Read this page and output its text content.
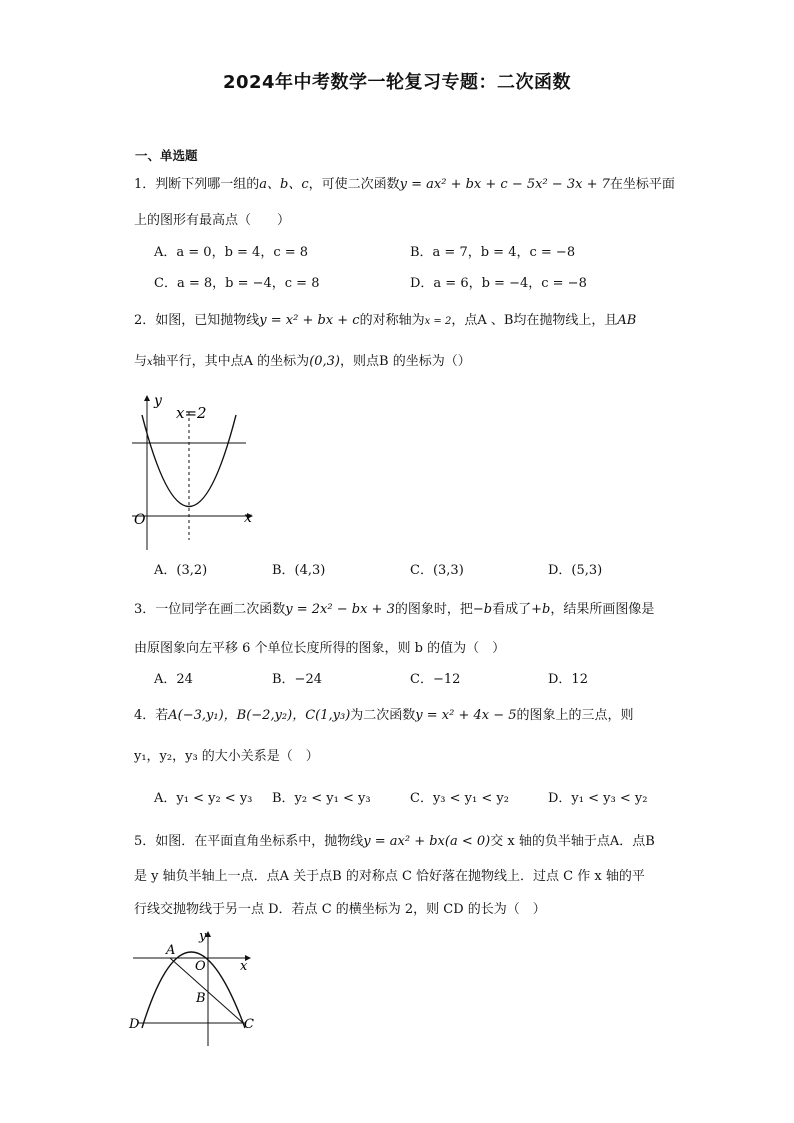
2024年中考数学一轮复习专题：二次函数
一、单选题
1．判断下列哪一组的a、b、c，可使二次函数y = ax² + bx + c − 5x² − 3x + 7在坐标平面
上的图形有最高点（　　）
A．a = 0，b = 4，c = 8	B．a = 7，b = 4，c = −8
C．a = 8，b = −4，c = 8	D．a = 6，b = −4，c = −8
2．如图，已知抛物线y = x² + bx + c的对称轴为x = 2，点A 、B均在抛物线上，且AB
与x轴平行，其中点A 的坐标为(0,3)，则点B 的坐标为（）
y
x=2
x
O
A．(3,2)	B．(4,3)	C．(3,3)	D．(5,3)
3．一位同学在画二次函数y = 2x² − bx + 3的图象时，把−b看成了+b，结果所画图像是
由原图象向左平移 6 个单位长度所得的图象，则 b 的值为（　）
A．24	B．−24	C．−12	D．12
4．若A(−3,y₁)，B(−2,y₂)，C(1,y₃)为二次函数y = x² + 4x − 5的图象上的三点，则
y₁，y₂，y₃ 的大小关系是（　）
A．y₁ < y₂ < y₃ B．y₂ < y₁ < y₃	C．y₃ < y₁ < y₂	D．y₁ < y₃ < y₂
5．如图．在平面直角坐标系中，抛物线y = ax² + bx(a < 0)交 x 轴的负半轴于点A．点B
是 y 轴负半轴上一点．点A 关于点B 的对称点 C 恰好落在抛物线上．过点 C 作 x 轴的平
行线交抛物线于另一点 D．若点 C 的横坐标为 2，则 CD 的长为（　）
A
y
O	x
B
D	C
